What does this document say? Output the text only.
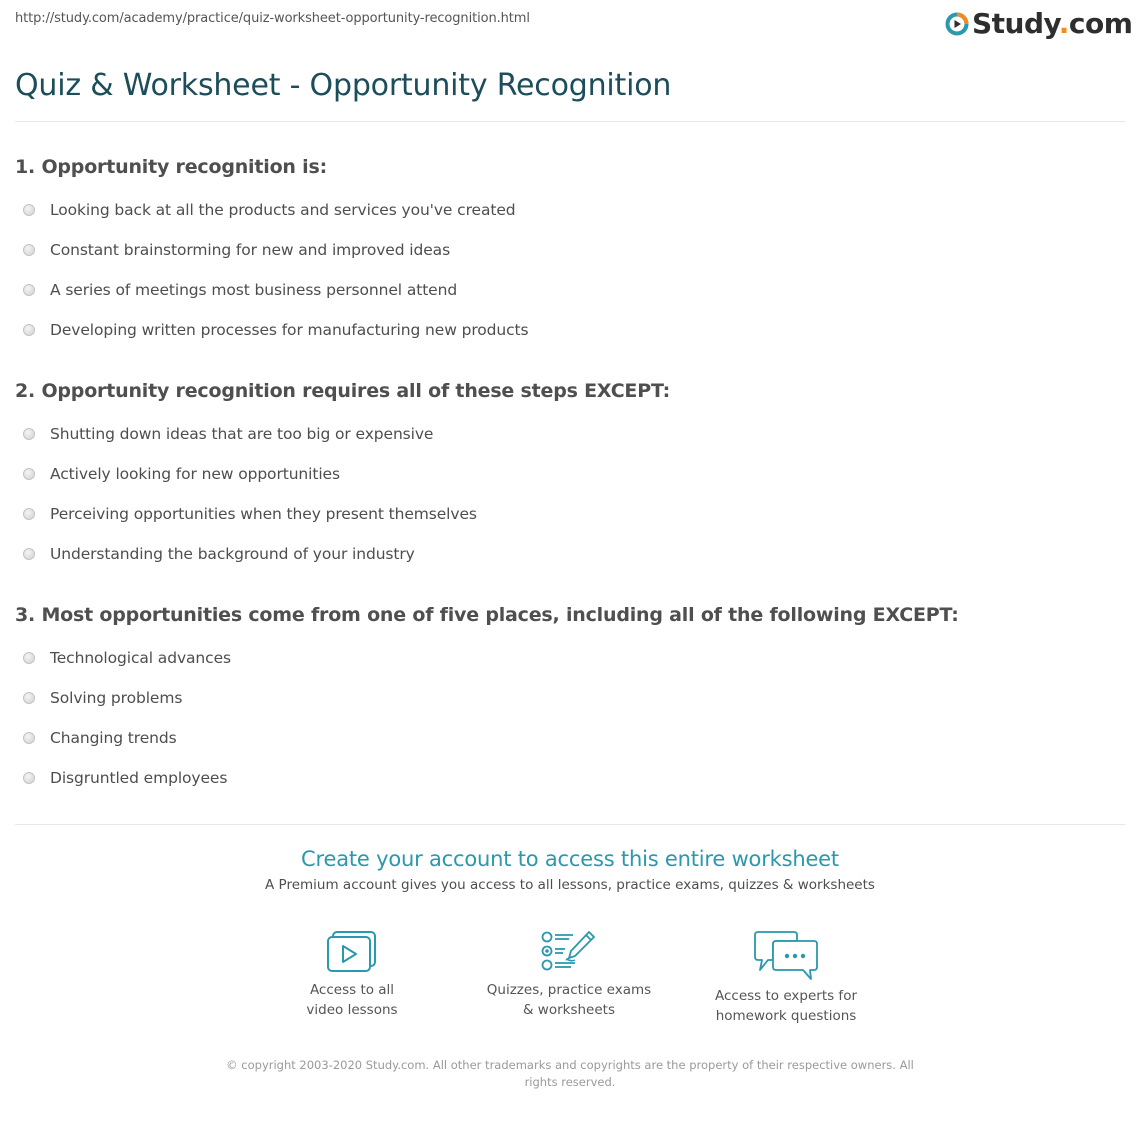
http://study.com/academy/practice/quiz-worksheet-opportunity-recognition.html	Study.com
Quiz & Worksheet - Opportunity Recognition
1. Opportunity recognition is:
Looking back at all the products and services you've created
Constant brainstorming for new and improved ideas
A series of meetings most business personnel attend
Developing written processes for manufacturing new products
2. Opportunity recognition requires all of these steps EXCEPT:
Shutting down ideas that are too big or expensive
Actively looking for new opportunities
Perceiving opportunities when they present themselves
Understanding the background of your industry
3. Most opportunities come from one of five places, including all of the following EXCEPT:
Technological advances
Solving problems
Changing trends
Disgruntled employees
Create your account to access this entire worksheet
A Premium account gives you access to all lessons, practice exams, quizzes & worksheets
Access to all
video lessons
Quizzes, practice exams
& worksheets
Access to experts for
homework questions
© copyright 2003-2020 Study.com. All other trademarks and copyrights are the property of their respective owners. All rights reserved.
